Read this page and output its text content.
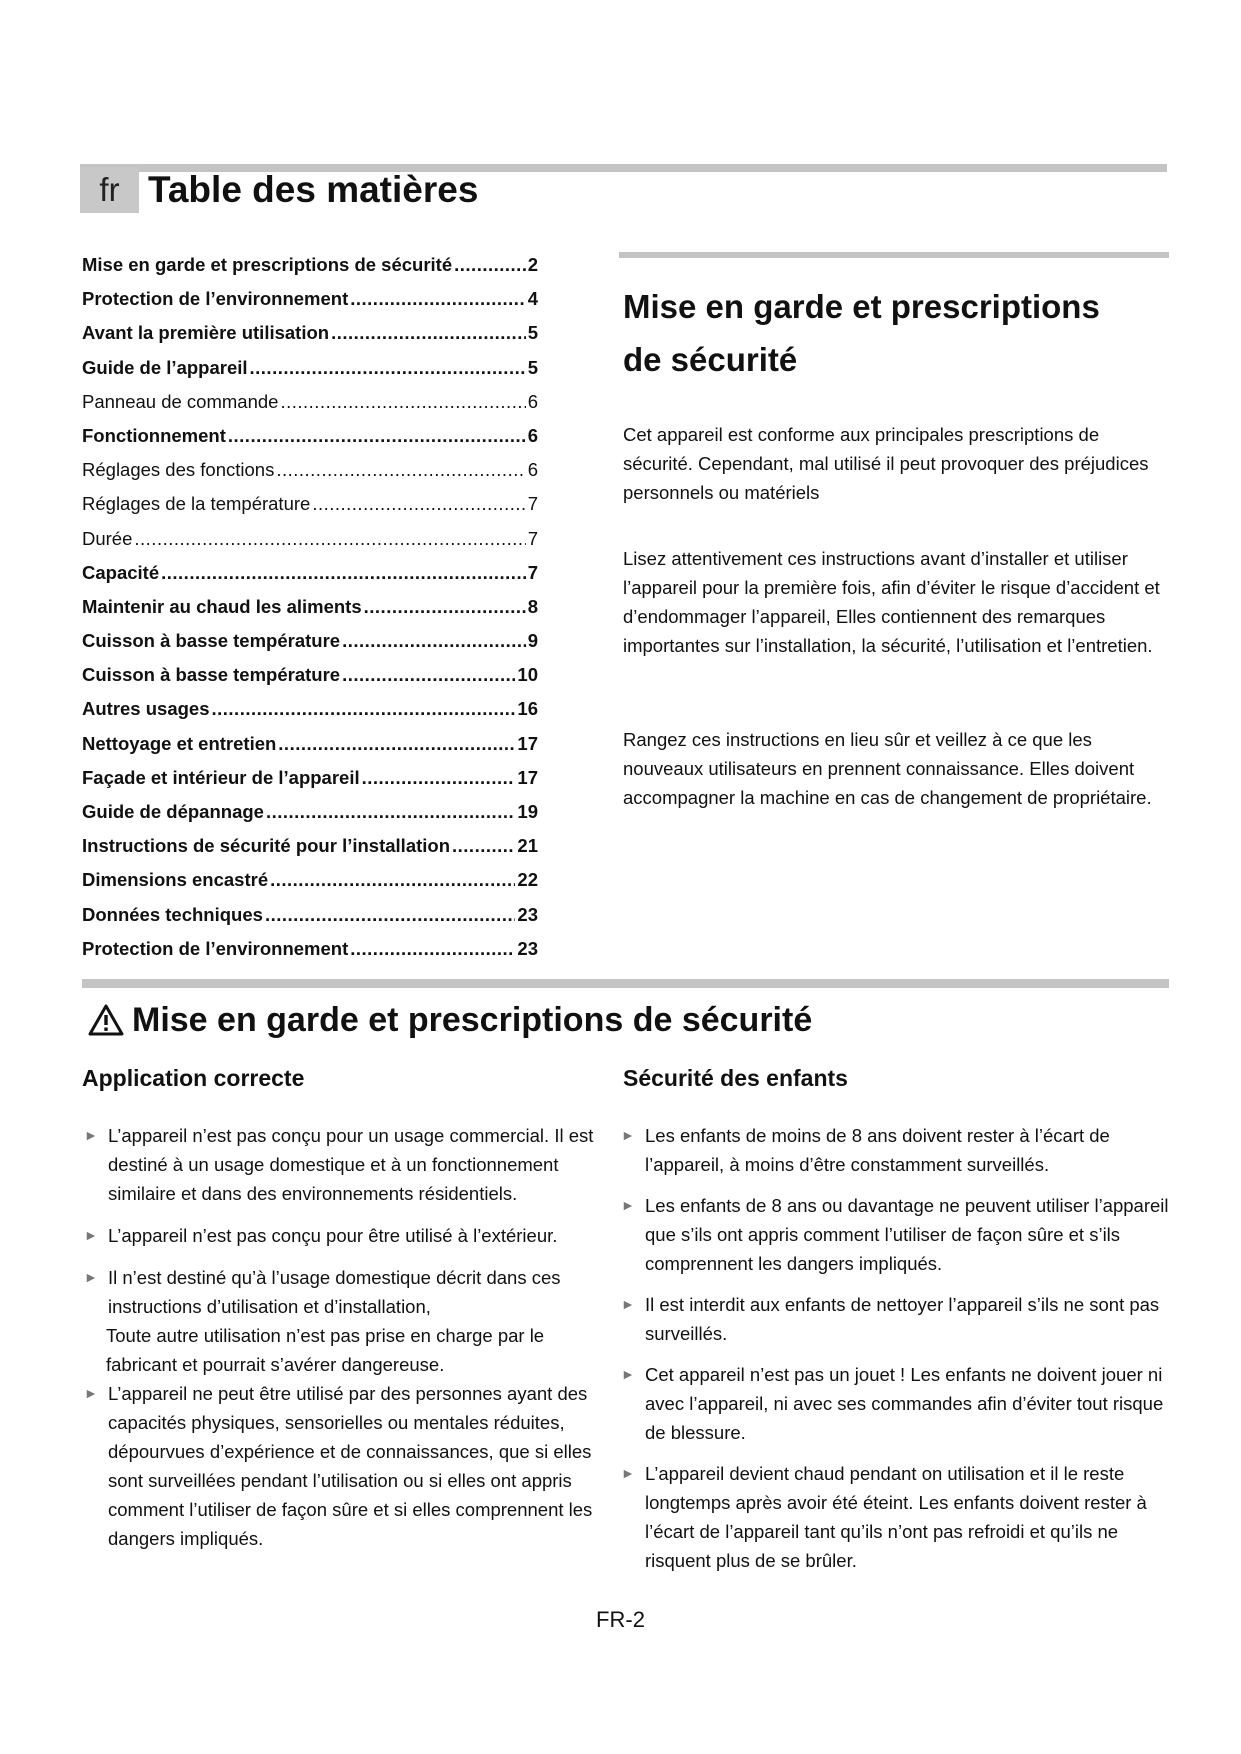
fr Table des matières
Mise en garde et prescriptions de sécurité .....	2
Protection de l’environnement .....	4
Avant la première utilisation .....	5
Guide de l’appareil .....	5
Panneau de commande .....	6
Fonctionnement .....	6
Réglages des fonctions .....	6
Réglages de la température .....	7
Durée .....	7
Capacité .....	7
Maintenir au chaud les aliments .....	8
Cuisson à basse température .....	9
Cuisson à basse température .....	10
Autres usages .....	16
Nettoyage et entretien .....	17
Façade et intérieur de l’appareil .....	17
Guide de dépannage .....	19
Instructions de sécurité pour l’installation .....	21
Dimensions encastré .....	22
Données techniques .....	23
Protection de l’environnement .....	23
Mise en garde et prescriptions
de sécurité
Cet appareil est conforme aux principales prescriptions de sécurité. Cependant, mal utilisé il peut provoquer des préjudices personnels ou matériels
Lisez attentivement ces instructions avant d’installer et utiliser l’appareil pour la première fois, afin d’éviter le risque d’accident et d’endommager l’appareil, Elles contiennent des remarques importantes sur l’installation, la sécurité, l’utilisation et l’entretien.
Rangez ces instructions en lieu sûr et veillez à ce que les nouveaux utilisateurs en prennent connaissance. Elles doivent accompagner la machine en cas de changement de propriétaire.
Mise en garde et prescriptions de sécurité
Application correcte
► L’appareil n’est pas conçu pour un usage commercial. Il est destiné à un usage domestique et à un fonctionnement similaire et dans des environnements résidentiels.
► L’appareil n’est pas conçu pour être utilisé à l’extérieur.
► Il n’est destiné qu’à l’usage domestique décrit dans ces instructions d’utilisation et d’installation,
Toute autre utilisation n’est pas prise en charge par le fabricant et pourrait s’avérer dangereuse.
► L’appareil ne peut être utilisé par des personnes ayant des capacités physiques, sensorielles ou mentales réduites, dépourvues d’expérience et de connaissances, que si elles sont surveillées pendant l’utilisation ou si elles ont appris comment l’utiliser de façon sûre et si elles comprennent les dangers impliqués.
Sécurité des enfants
► Les enfants de moins de 8 ans doivent rester à l’écart de l’appareil, à moins d’être constamment surveillés.
► Les enfants de 8 ans ou davantage ne peuvent utiliser l’appareil que s’ils ont appris comment l’utiliser de façon sûre et s’ils comprennent les dangers impliqués.
► Il est interdit aux enfants de nettoyer l’appareil s’ils ne sont pas surveillés.
► Cet appareil n’est pas un jouet ! Les enfants ne doivent jouer ni avec l’appareil, ni avec ses commandes afin d’éviter tout risque de blessure.
► L’appareil devient chaud pendant on utilisation et il le reste longtemps après avoir été éteint. Les enfants doivent rester à l’écart de l’appareil tant qu’ils n’ont pas refroidi et qu’ils ne risquent plus de se brûler.
FR-2
